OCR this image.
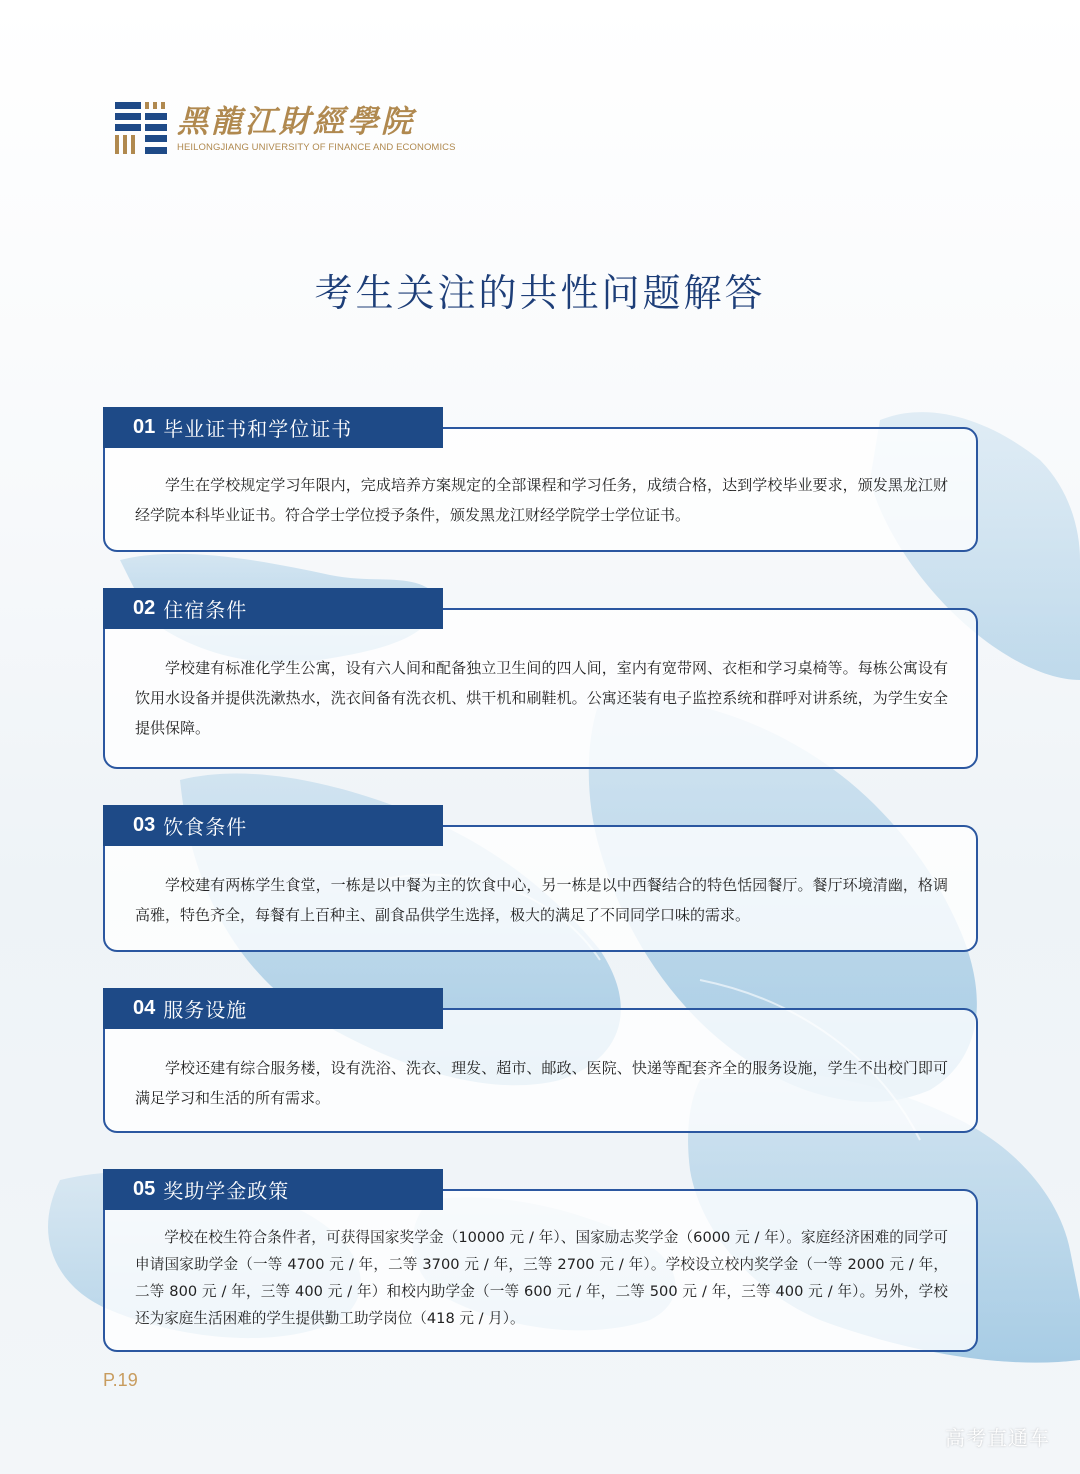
黑龍江財經學院
HEILONGJIANG UNIVERSITY OF FINANCE AND ECONOMICS
考生关注的共性问题解答
01 毕业证书和学位证书

学生在学校规定学习年限内，完成培养方案规定的全部课程和学习任务，成绩合格，达到学校毕业要求，颁发黑龙江财经学院本科毕业证书。符合学士学位授予条件，颁发黑龙江财经学院学士学位证书。

02 住宿条件

学校建有标准化学生公寓，设有六人间和配备独立卫生间的四人间，室内有宽带网、衣柜和学习桌椅等。每栋公寓设有饮用水设备并提供洗漱热水，洗衣间备有洗衣机、烘干机和刷鞋机。公寓还装有电子监控系统和群呼对讲系统，为学生安全提供保障。

03 饮食条件

学校建有两栋学生食堂，一栋是以中餐为主的饮食中心，另一栋是以中西餐结合的特色恬园餐厅。餐厅环境清幽，格调高雅，特色齐全，每餐有上百种主、副食品供学生选择，极大的满足了不同同学口味的需求。

04 服务设施

学校还建有综合服务楼，设有洗浴、洗衣、理发、超市、邮政、医院、快递等配套齐全的服务设施，学生不出校门即可满足学习和生活的所有需求。

05 奖助学金政策

学校在校生符合条件者，可获得国家奖学金（10000 元 / 年）、国家励志奖学金（6000 元 / 年）。家庭经济困难的同学可申请国家助学金（一等 4700 元 / 年，二等 3700 元 / 年，三等 2700 元 / 年）。学校设立校内奖学金（一等 2000 元 / 年，二等 800 元 / 年，三等 400 元 / 年）和校内助学金（一等 600 元 / 年，二等 500 元 / 年，三等 400 元 / 年）。另外，学校还为家庭生活困难的学生提供勤工助学岗位（418 元 / 月）。

P.19
高考直通车
